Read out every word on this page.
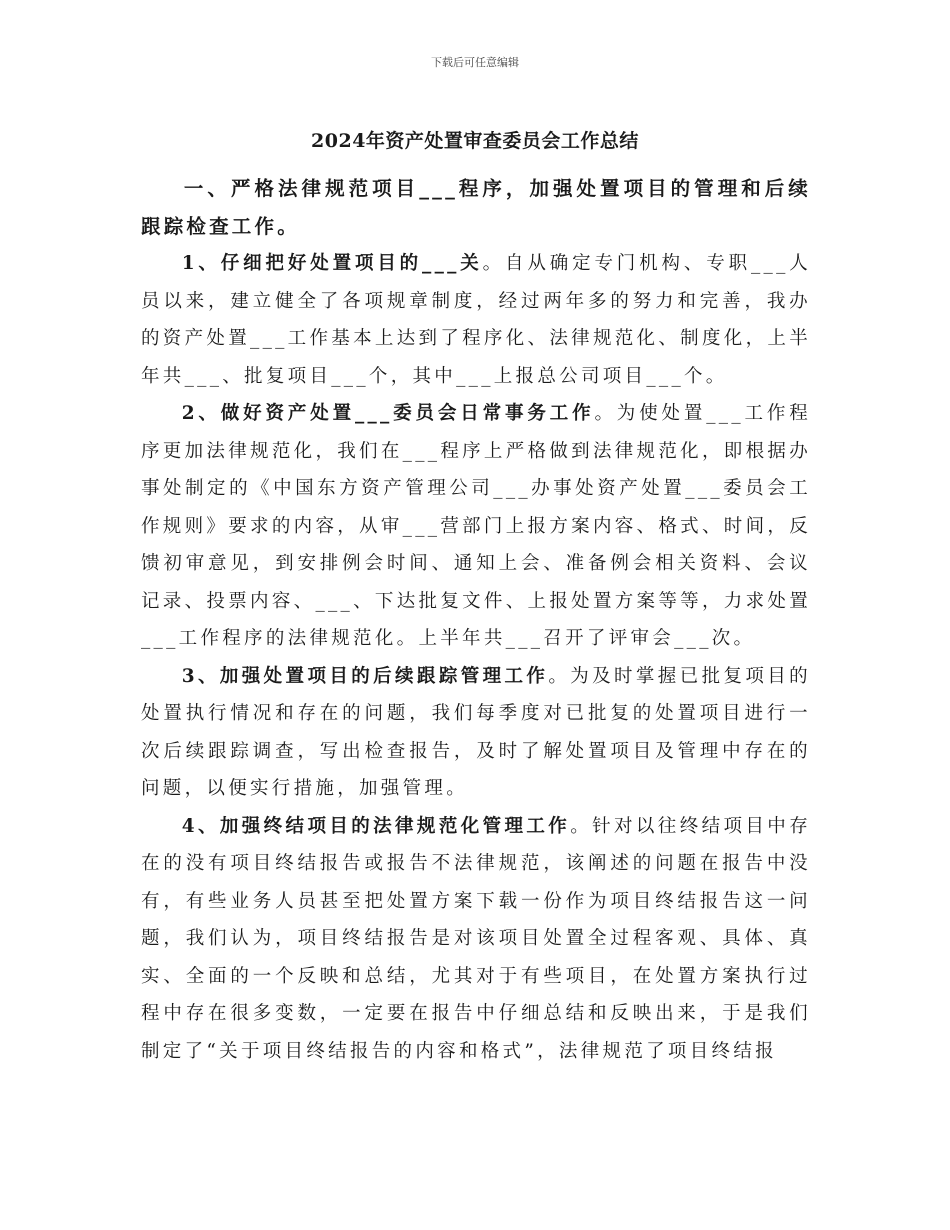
下载后可任意编辑
2024年资产处置审查委员会工作总结

一、严格法律规范项目___程序，加强处置项目的管理和后续跟踪检查工作。

1、仔细把好处置项目的___关。自从确定专门机构、专职___人员以来，建立健全了各项规章制度，经过两年多的努力和完善，我办的资产处置___工作基本上达到了程序化、法律规范化、制度化，上半年共___、批复项目___个，其中___上报总公司项目___个。

2、做好资产处置___委员会日常事务工作。为使处置___工作程序更加法律规范化，我们在___程序上严格做到法律规范化，即根据办事处制定的《中国东方资产管理公司___办事处资产处置___委员会工作规则》要求的内容，从审___营部门上报方案内容、格式、时间，反馈初审意见，到安排例会时间、通知上会、准备例会相关资料、会议记录、投票内容、___、下达批复文件、上报处置方案等等，力求处置___工作程序的法律规范化。上半年共___召开了评审会___次。

3、加强处置项目的后续跟踪管理工作。为及时掌握已批复项目的处置执行情况和存在的问题，我们每季度对已批复的处置项目进行一次后续跟踪调查，写出检查报告，及时了解处置项目及管理中存在的问题，以便实行措施，加强管理。

4、加强终结项目的法律规范化管理工作。针对以往终结项目中存在的没有项目终结报告或报告不法律规范，该阐述的问题在报告中没有，有些业务人员甚至把处置方案下载一份作为项目终结报告这一问题，我们认为，项目终结报告是对该项目处置全过程客观、具体、真实、全面的一个反映和总结，尤其对于有些项目，在处置方案执行过程中存在很多变数，一定要在报告中仔细总结和反映出来，于是我们制定了“关于项目终结报告的内容和格式”，法律规范了项目终结报
